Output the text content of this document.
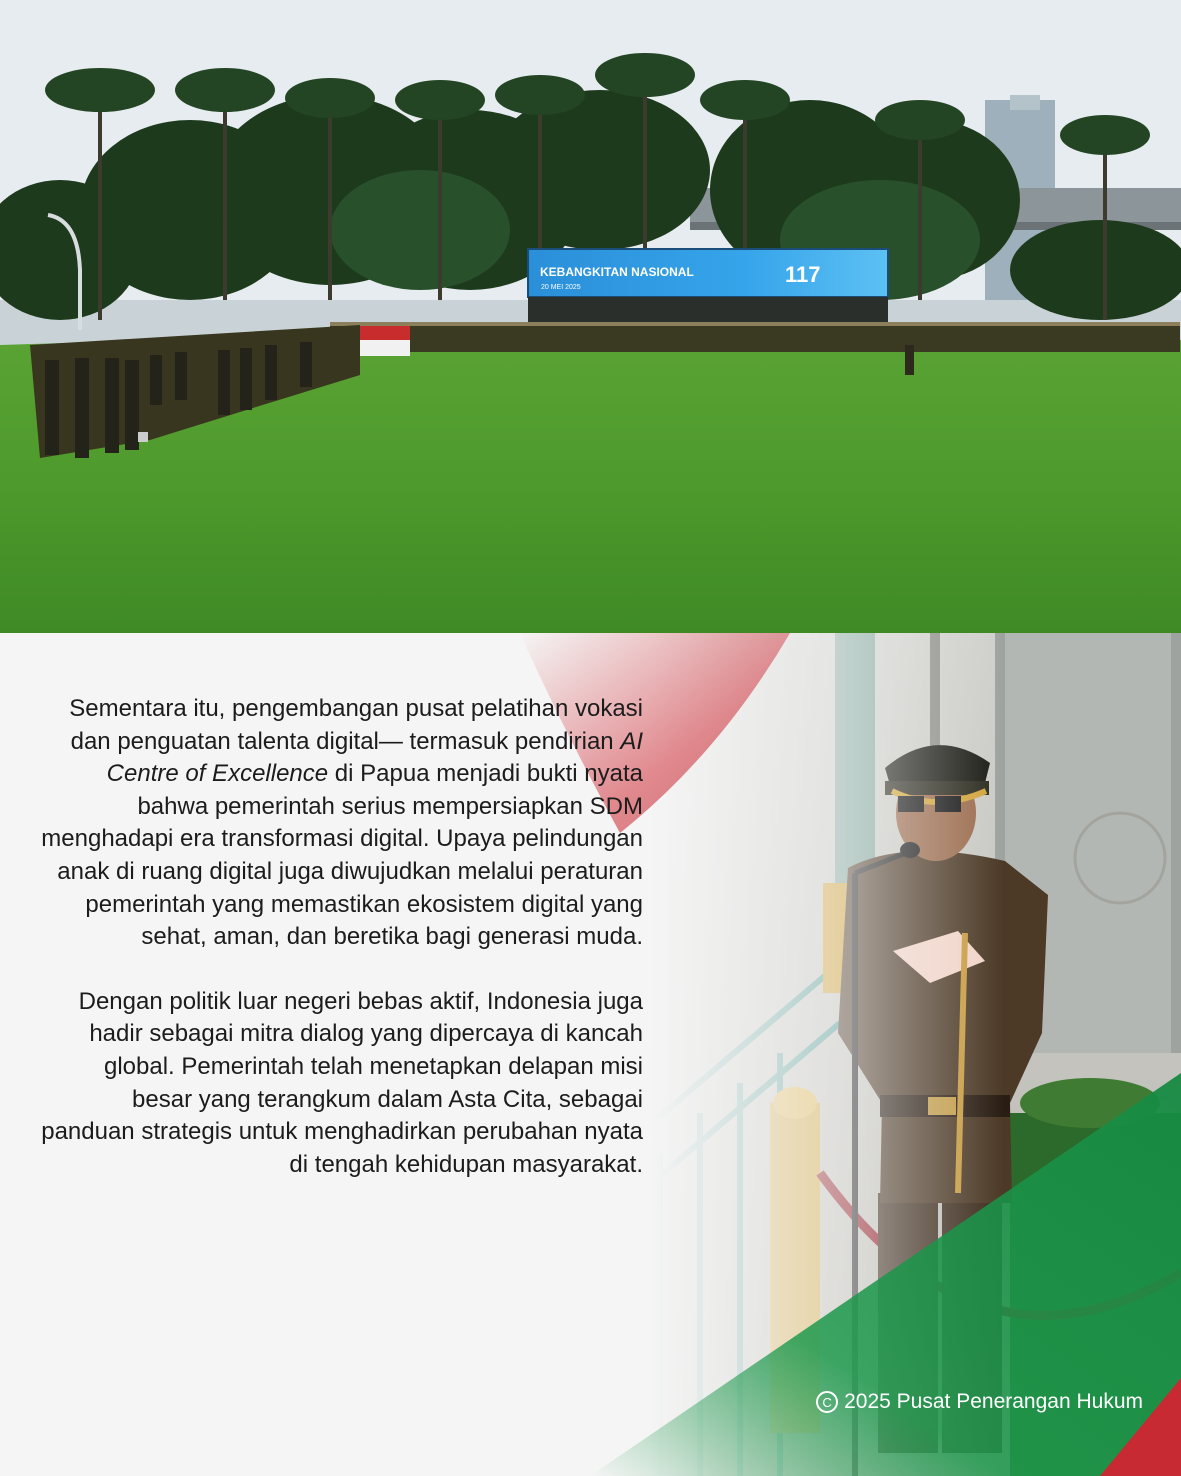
KEBANGKITAN NASIONAL
20 MEI 2025
117

Sementara itu, pengembangan pusat pelatihan vokasi dan penguatan talenta digital— termasuk pendirian AI Centre of Excellence di Papua menjadi bukti nyata bahwa pemerintah serius mempersiapkan SDM menghadapi era transformasi digital. Upaya pelindungan anak di ruang digital juga diwujudkan melalui peraturan pemerintah yang memastikan ekosistem digital yang sehat, aman, dan beretika bagi generasi muda.

Dengan politik luar negeri bebas aktif, Indonesia juga hadir sebagai mitra dialog yang dipercaya di kancah global. Pemerintah telah menetapkan delapan misi besar yang terangkum dalam Asta Cita, sebagai panduan strategis untuk menghadirkan perubahan nyata di tengah kehidupan masyarakat.

C 2025 Pusat Penerangan Hukum
